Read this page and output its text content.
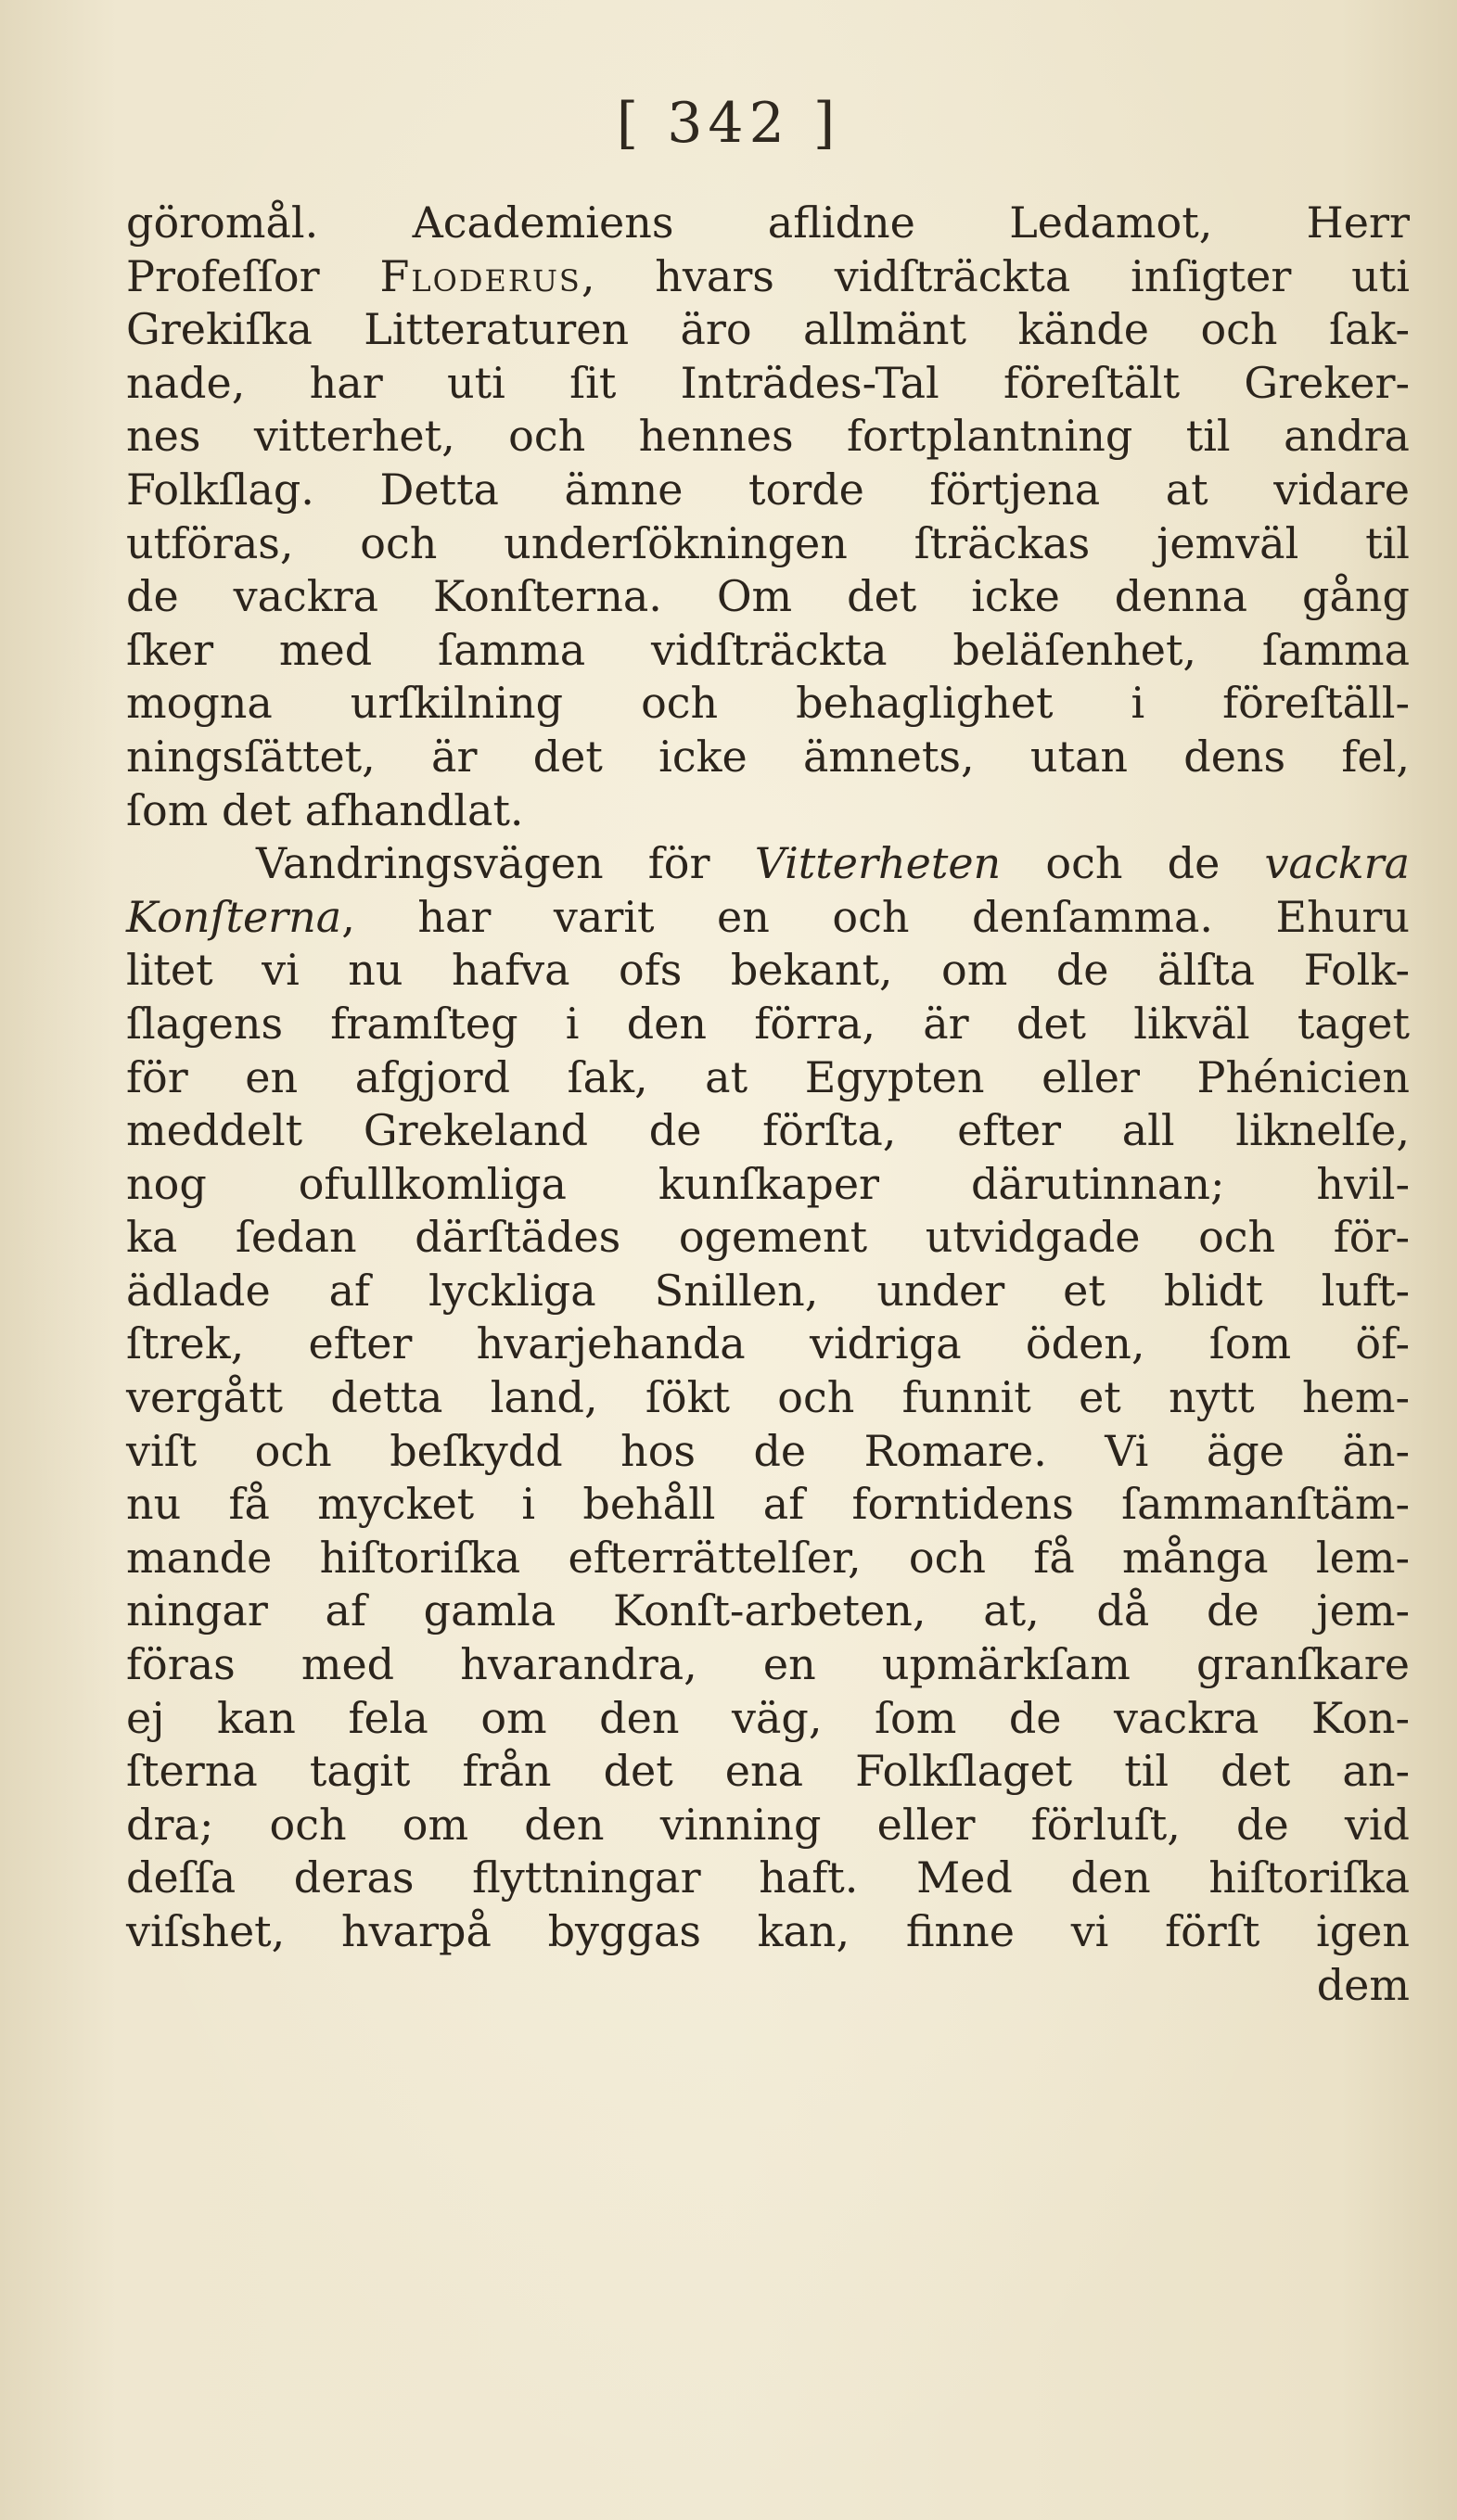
[ 342 ]
göromål. Academiens aflidne Ledamot, Herr
Profeſſor Floderus, hvars vidſträckta inſigter uti
Grekiſka Litteraturen äro allmänt kände och ſak-
nade, har uti ſit Inträdes-Tal föreſtält Greker-
nes vitterhet, och hennes fortplantning til andra
Folkſlag. Detta ämne torde förtjena at vidare
utföras, och underſökningen ſträckas jemväl til
de vackra Konſterna. Om det icke denna gång
ſker med ſamma vidſträckta beläſenhet, ſamma
mogna urſkilning och behaglighet i föreſtäll-
ningsſättet, är det icke ämnets, utan dens fel,
ſom det afhandlat.
Vandringsvägen för Vitterheten och de vackra
Konſterna, har varit en och denſamma. Ehuru
litet vi nu hafva ofs bekant, om de älſta Folk-
ſlagens framſteg i den förra, är det likväl taget
för en afgjord ſak, at Egypten eller Phénicien
meddelt Grekeland de förſta, efter all liknelſe,
nog ofullkomliga kunſkaper därutinnan; hvil-
ka ſedan därſtädes ogement utvidgade och för-
ädlade af lyckliga Snillen, under et blidt luft-
ſtrek, efter hvarjehanda vidriga öden, ſom öf-
vergått detta land, ſökt och funnit et nytt hem-
viſt och beſkydd hos de Romare. Vi äge än-
nu få mycket i behåll af forntidens ſammanſtäm-
mande hiſtoriſka efterrättelſer, och få många lem-
ningar af gamla Konſt-arbeten, at, då de jem-
föras med hvarandra, en upmärkſam granſkare
ej kan fela om den väg, ſom de vackra Kon-
ſterna tagit från det ena Folkſlaget til det an-
dra; och om den vinning eller förluſt, de vid
deſſa deras flyttningar haft. Med den hiſtoriſka
viſshet, hvarpå byggas kan, finne vi förſt igen
dem
